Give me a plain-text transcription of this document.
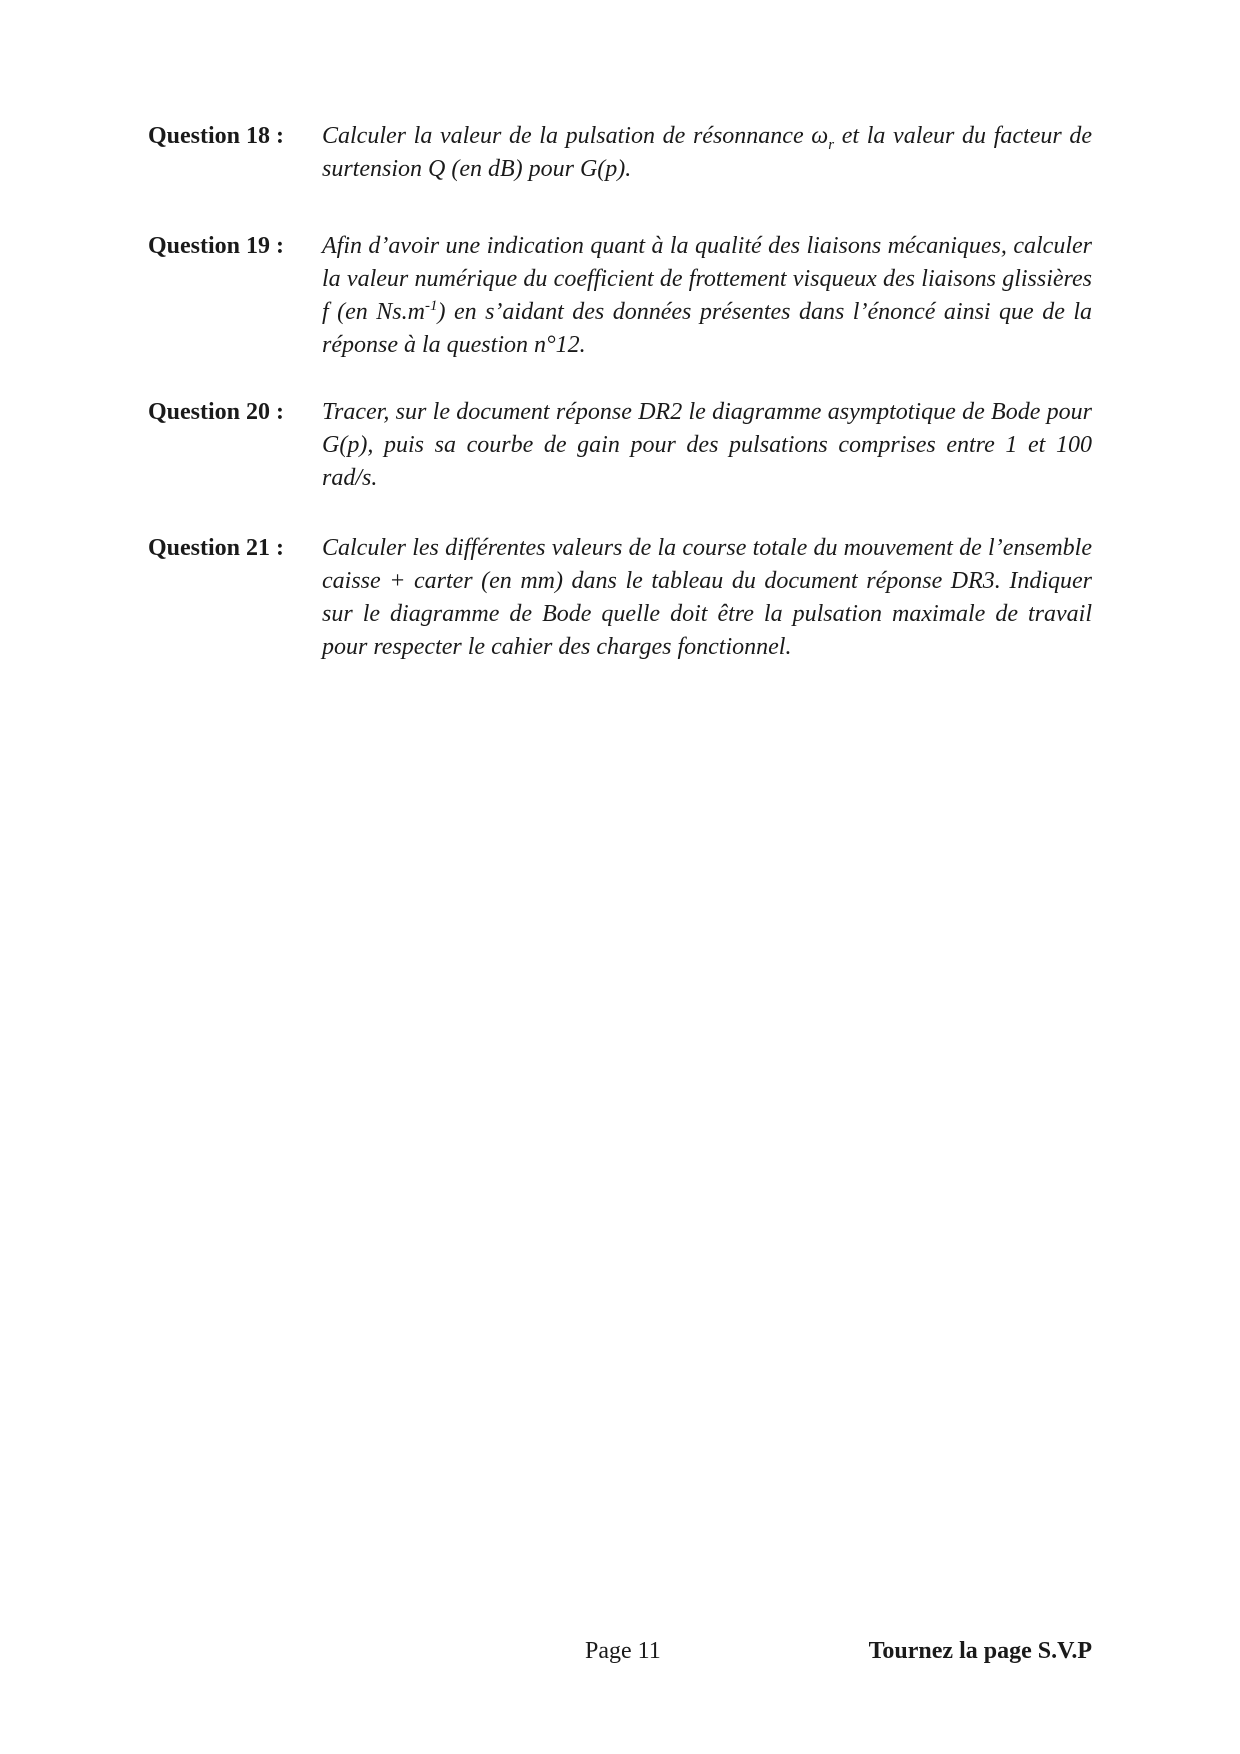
Question 18 :	Calculer la valeur de la pulsation de résonnance $\omega_r$ et la valeur du facteur de surtension Q (en dB) pour G(p).
Question 19 :	Afin d’avoir une indication quant à la qualité des liaisons mécaniques, calculer la valeur numérique du coefficient de frottement visqueux des liaisons glissières f (en $Ns.m^{-1}$) en s’aidant des données présentes dans l’énoncé ainsi que de la réponse à la question n°12.
Question 20 :	Tracer, sur le document réponse DR2 le diagramme asymptotique de Bode pour G(p), puis sa courbe de gain pour des pulsations comprises entre 1 et 100 rad/s.
Question 21 :	Calculer les différentes valeurs de la course totale du mouvement de l’ensemble caisse + carter (en mm) dans le tableau du document réponse DR3. Indiquer sur le diagramme de Bode quelle doit être la pulsation maximale de travail pour respecter le cahier des charges fonctionnel.
Page 11	Tournez la page S.V.P
